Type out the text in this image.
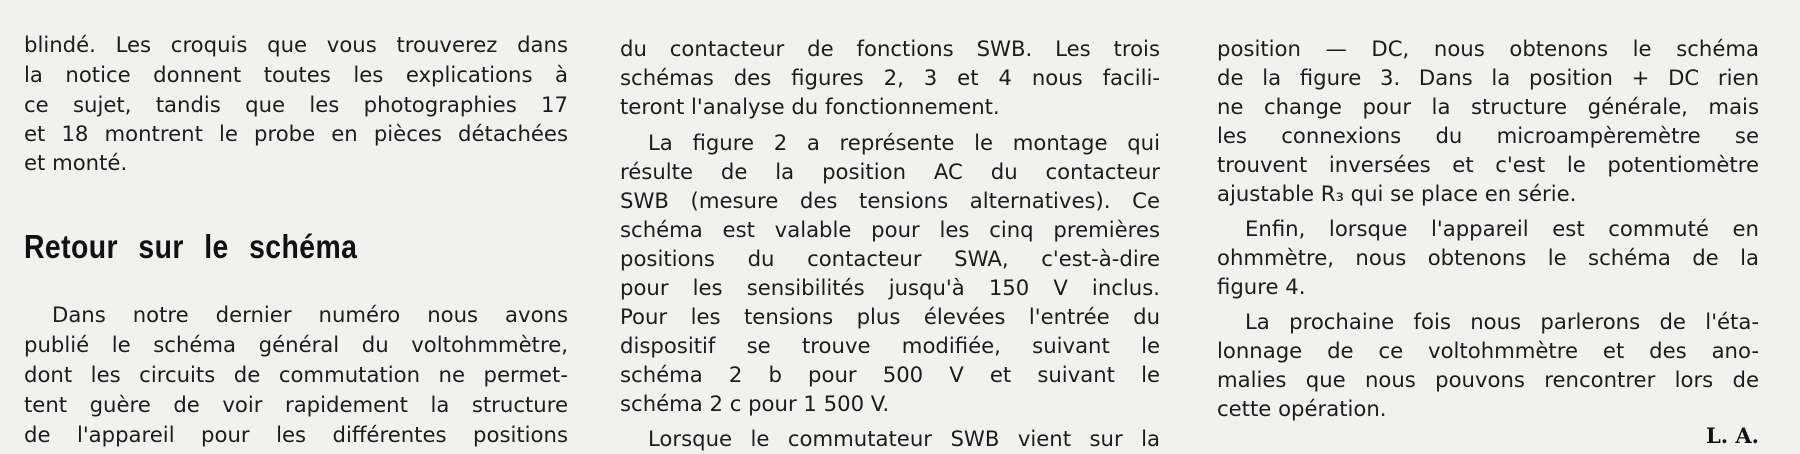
blindé. Les croquis que vous trouverez dans
la notice donnent toutes les explications à
ce sujet, tandis que les photographies 17
et 18 montrent le probe en pièces détachées
et monté.
Retour sur le schéma
Dans notre dernier numéro nous avons
publié le schéma général du voltohmmètre,
dont les circuits de commutation ne permet-
tent guère de voir rapidement la structure
de l'appareil pour les différentes positions
du contacteur de fonctions SWB. Les trois
schémas des figures 2, 3 et 4 nous facili-
teront l'analyse du fonctionnement.
La figure 2 a représente le montage qui
résulte de la position AC du contacteur
SWB (mesure des tensions alternatives). Ce
schéma est valable pour les cinq premières
positions du contacteur SWA, c'est-à-dire
pour les sensibilités jusqu'à 150 V inclus.
Pour les tensions plus élevées l'entrée du
dispositif se trouve modifiée, suivant le
schéma 2 b pour 500 V et suivant le
schéma 2 c pour 1 500 V.
Lorsque le commutateur SWB vient sur la
position — DC, nous obtenons le schéma
de la figure 3. Dans la position + DC rien
ne change pour la structure générale, mais
les connexions du microampèremètre se
trouvent inversées et c'est le potentiomètre
ajustable R₃ qui se place en série.
Enfin, lorsque l'appareil est commuté en
ohmmètre, nous obtenons le schéma de la
figure 4.
La prochaine fois nous parlerons de l'éta-
lonnage de ce voltohmmètre et des ano-
malies que nous pouvons rencontrer lors de
cette opération.
L. A.
